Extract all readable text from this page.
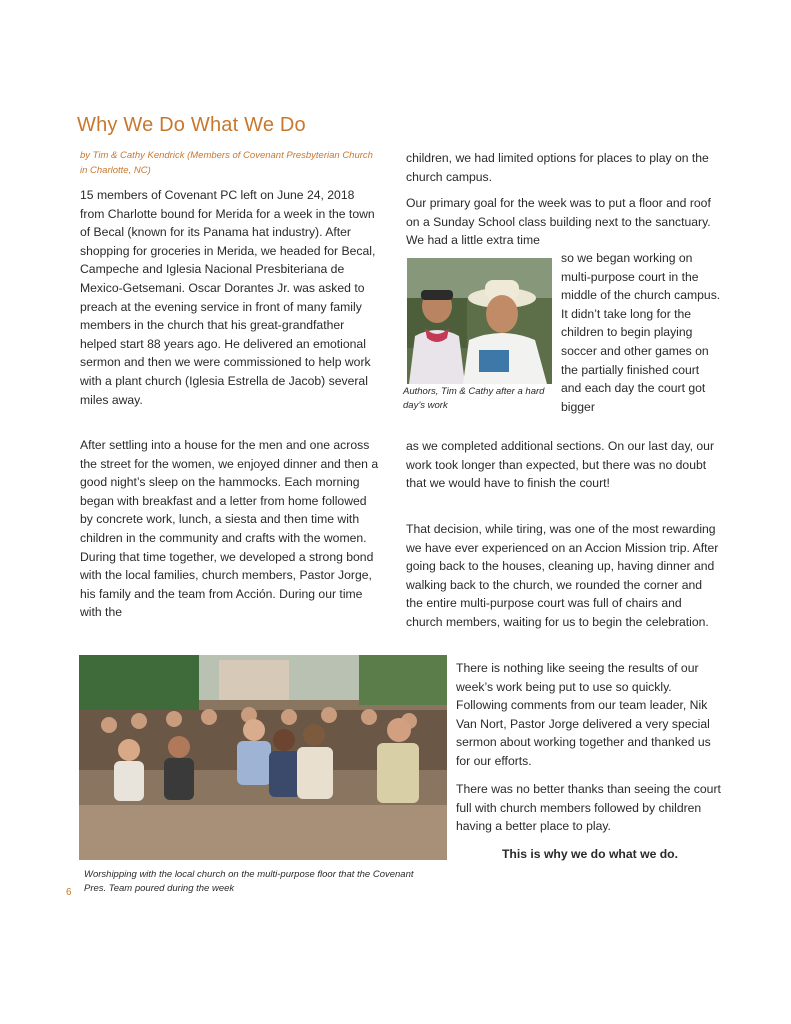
Why We Do What We Do
by Tim & Cathy Kendrick (Members of Covenant Presbyterian Church in Charlotte, NC)
15 members of Covenant PC left on June 24, 2018 from Charlotte bound for Merida for a week in the town of Becal (known for its Panama hat industry). After shopping for groceries in Merida, we headed for Becal, Campeche and Iglesia Nacional Presbiteriana de Mexico-Getsemani. Oscar Dorantes Jr. was asked to preach at the evening service in front of many family members in the church that his great-grandfather helped start 88 years ago. He delivered an emotional sermon and then we were commissioned to help work with a plant church (Iglesia Estrella de Jacob) several miles away.
After settling into a house for the men and one across the street for the women, we enjoyed dinner and then a good night’s sleep on the hammocks. Each morning began with breakfast and a letter from home followed by concrete work, lunch, a siesta and then time with children in the community and crafts with the women. During that time together, we developed a strong bond with the local families, church members, Pastor Jorge, his family and the team from Acción. During our time with the
children, we had limited options for places to play on the church campus.
Our primary goal for the week was to put a floor and roof on a Sunday School class building next to the sanctuary. We had a little extra time
Authors, Tim & Cathy after a hard day’s work
so we began working on multi-purpose court in the middle of the church campus. It didn’t take long for the children to begin playing soccer and other games on the partially finished court and each day the court got bigger
as we completed additional sections. On our last day, our work took longer than expected, but there was no doubt that we would have to finish the court!
That decision, while tiring, was one of the most rewarding we have ever experienced on an Accion Mission trip. After going back to the houses, cleaning up, having dinner and walking back to the church, we rounded the corner and the entire multi-purpose court was full of chairs and church members, waiting for us to begin the celebration.
There is nothing like seeing the results of our week’s work being put to use so quickly. Following comments from our team leader, Nik Van Nort, Pastor Jorge delivered a very special sermon about working together and thanked us for our efforts.
There was no better thanks than seeing the court full with church members followed by children having a better place to play.
This is why we do what we do.
Worshipping with the local church on the multi-purpose floor that the Covenant Pres. Team poured during the week
6
